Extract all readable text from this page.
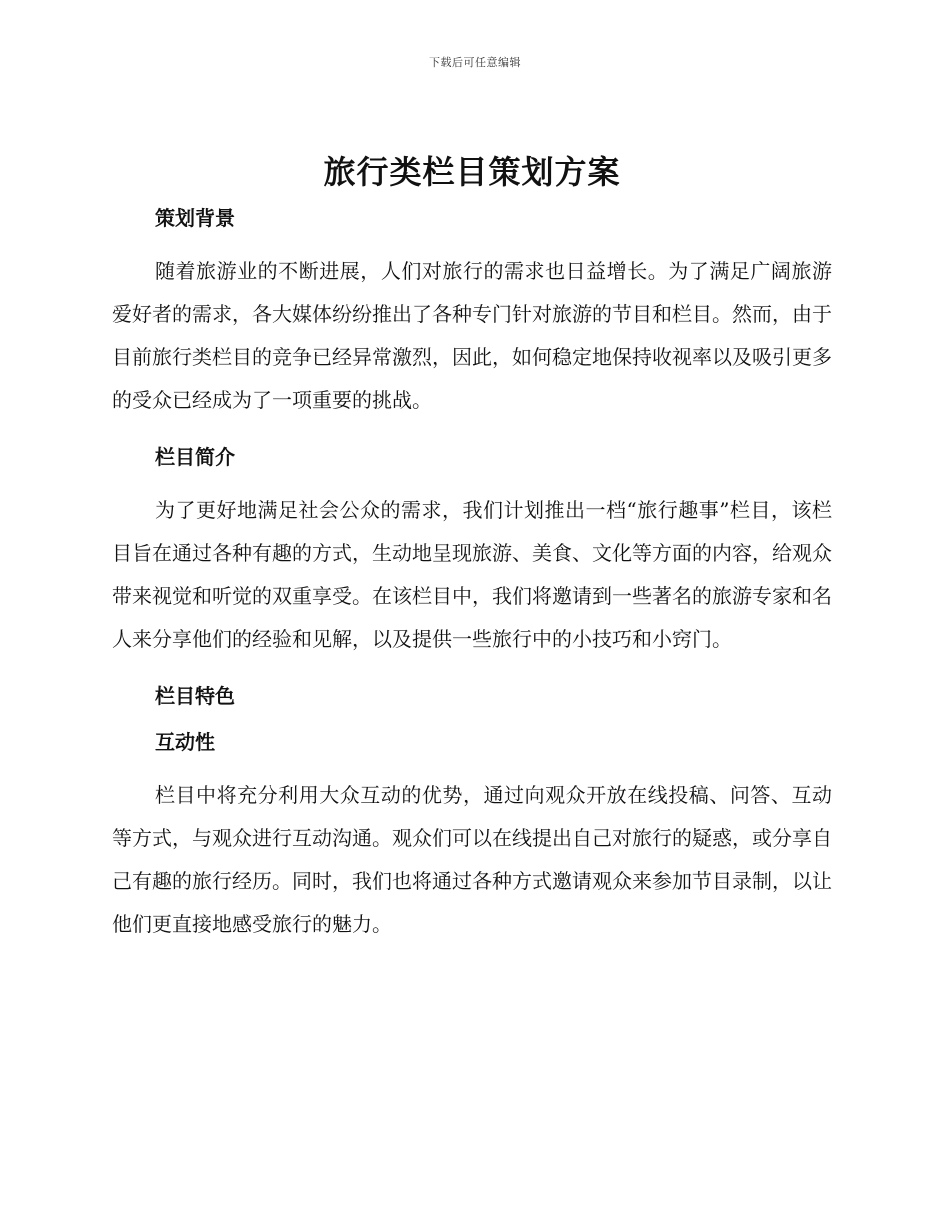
下载后可任意编辑
旅行类栏目策划方案
策划背景

随着旅游业的不断进展，人们对旅行的需求也日益增长。为了满足广阔旅游爱好者的需求，各大媒体纷纷推出了各种专门针对旅游的节目和栏目。然而，由于目前旅行类栏目的竞争已经异常激烈，因此，如何稳定地保持收视率以及吸引更多的受众已经成为了一项重要的挑战。

栏目简介

为了更好地满足社会公众的需求，我们计划推出一档“旅行趣事”栏目，该栏目旨在通过各种有趣的方式，生动地呈现旅游、美食、文化等方面的内容，给观众带来视觉和听觉的双重享受。在该栏目中，我们将邀请到一些著名的旅游专家和名人来分享他们的经验和见解，以及提供一些旅行中的小技巧和小窍门。

栏目特色
互动性

栏目中将充分利用大众互动的优势，通过向观众开放在线投稿、问答、互动等方式，与观众进行互动沟通。观众们可以在线提出自己对旅行的疑惑，或分享自己有趣的旅行经历。同时，我们也将通过各种方式邀请观众来参加节目录制，以让他们更直接地感受旅行的魅力。
